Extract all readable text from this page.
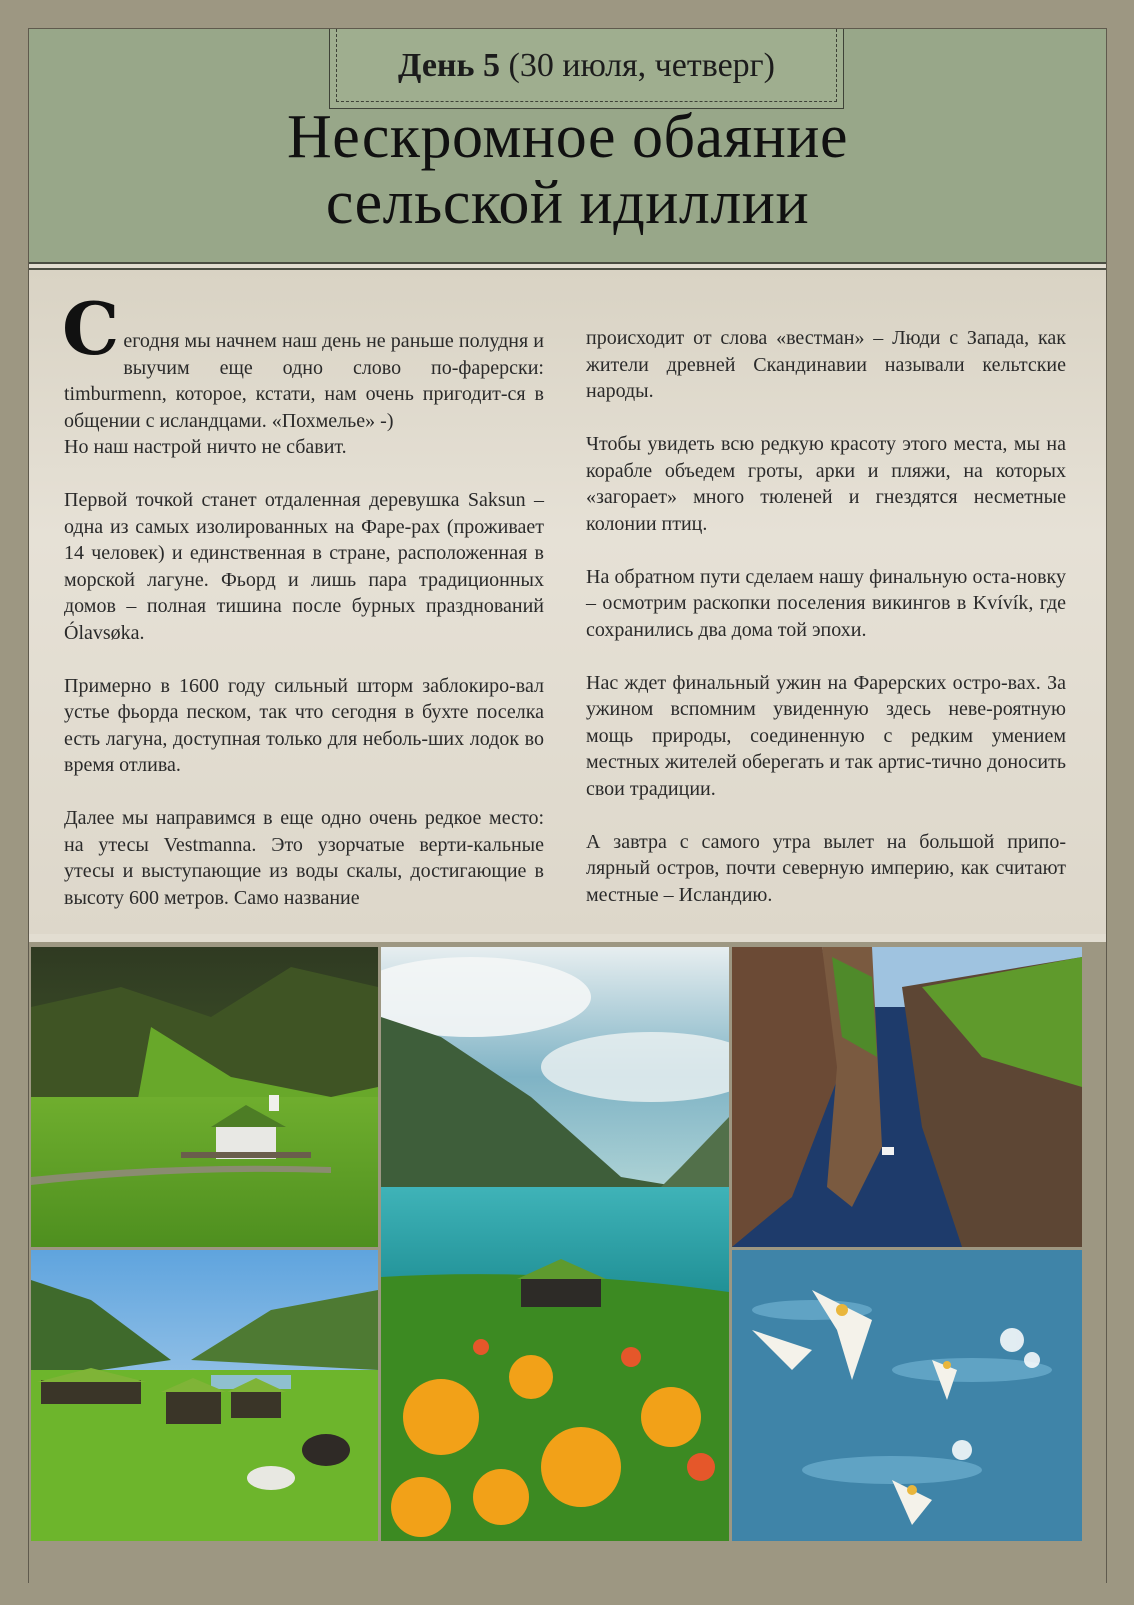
День 5 (30 июля, четверг)
Нескромное обаяние
сельской идиллии

Сегодня мы начнем наш день не раньше полудня и выучим еще одно слово по-фарерски: timburmenn, которое, кстати, нам очень пригодит-ся в общении с исландцами. «Похмелье» -)
Но наш настрой ничто не сбавит.

Первой точкой станет отдаленная деревушка Saksun – одна из самых изолированных на Фаре-рах (проживает 14 человек) и единственная в стране, расположенная в морской лагуне. Фьорд и лишь пара традиционных домов – полная тишина после бурных празднований Ólavsøka.

Примерно в 1600 году сильный шторм заблокиро-вал устье фьорда песком, так что сегодня в бухте поселка есть лагуна, доступная только для неболь-ших лодок во время отлива.

Далее мы направимся в еще одно очень редкое место: на утесы Vestmanna. Это узорчатые верти-кальные утесы и выступающие из воды скалы, достигающие в высоту 600 метров. Само название

происходит от слова «вестман» – Люди с Запада, как жители древней Скандинавии называли кельтские народы.

Чтобы увидеть всю редкую красоту этого места, мы на корабле объедем гроты, арки и пляжи, на которых «загорает» много тюленей и гнездятся несметные колонии птиц.

На обратном пути сделаем нашу финальную оста-новку – осмотрим раскопки поселения викингов в Kvívík, где сохранились два дома той эпохи.

Нас ждет финальный ужин на Фарерских остро-вах. За ужином вспомним увиденную здесь неве-роятную мощь природы, соединенную с редким умением местных жителей оберегать и так артис-тично доносить свои традиции.

А завтра с самого утра вылет на большой припо-лярный остров, почти северную империю, как считают местные – Исландию.
